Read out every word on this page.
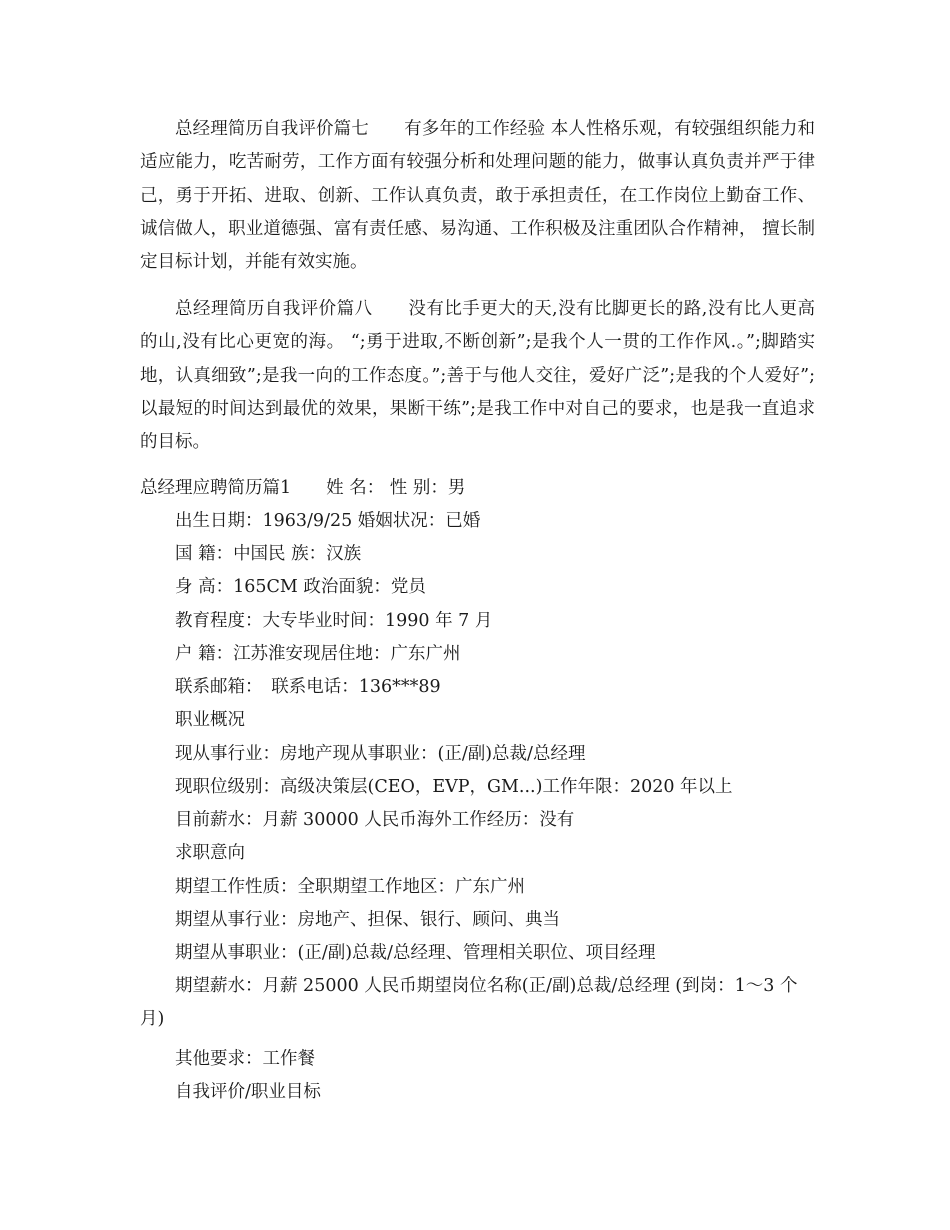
总经理简历自我评价篇七　　有多年的工作经验 本人性格乐观，有较强组织能力和适应能力，吃苦耐劳，工作方面有较强分析和处理问题的能力，做事认真负责并严于律己，勇于开拓、进取、创新、工作认真负责，敢于承担责任，在工作岗位上勤奋工作、诚信做人，职业道德强、富有责任感、易沟通、工作积极及注重团队合作精神， 擅长制定目标计划，并能有效实施。

总经理简历自我评价篇八　　没有比手更大的天,没有比脚更长的路,没有比人更高的山,没有比心更宽的海。 “;勇于进取,不断创新”;是我个人一贯的工作作风.。”;脚踏实地，认真细致”;是我一向的工作态度。”;善于与他人交往，爱好广泛”;是我的个人爱好”;以最短的时间达到最优的效果，果断干练”;是我工作中对自己的要求，也是我一直追求的目标。

总经理应聘简历篇1　　姓 名： 性 别：男

出生日期：1963/9/25 婚姻状况：已婚

国 籍：中国民 族：汉族

身 高：165CM 政治面貌：党员

教育程度：大专毕业时间：1990 年 7 月

户 籍：江苏淮安现居住地：广东广州

联系邮箱：　联系电话：136***89

职业概况

现从事行业：房地产现从事职业：(正/副)总裁/总经理

现职位级别：高级决策层(CEO，EVP，GM...)工作年限：2020 年以上

目前薪水：月薪 30000 人民币海外工作经历：没有

求职意向

期望工作性质：全职期望工作地区：广东广州

期望从事行业：房地产、担保、银行、顾问、典当

期望从事职业：(正/副)总裁/总经理、管理相关职位、项目经理

期望薪水：月薪 25000 人民币期望岗位名称(正/副)总裁/总经理 (到岗：1～3 个月)

其他要求：工作餐

自我评价/职业目标
